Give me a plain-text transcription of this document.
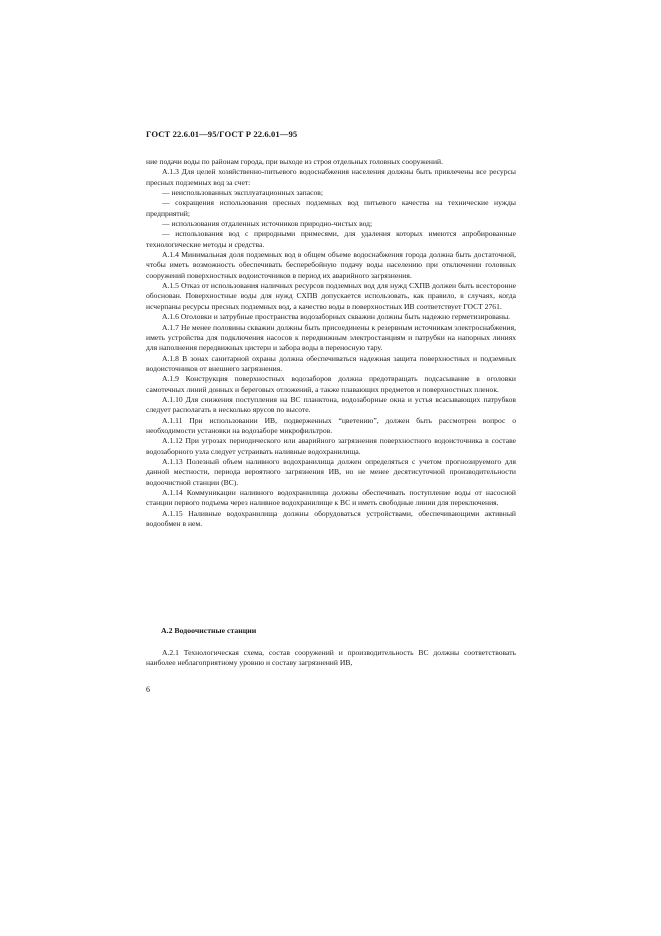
ГОСТ 22.6.01—95/ГОСТ Р 22.6.01—95

ние подачи воды по районам города, при выходе из строя отдельных головных сооружений.

А.1.3 Для целей хозяйственно-питьевого водоснабжения населения должны быть привлечены все ресурсы пресных подземных вод за счет:

— неиспользованных эксплуатационных запасов;

— сокращения использования пресных подземных вод питьевого качества на технические нужды предприятий;

— использования отдаленных источников природно-чистых вод;

— использования вод с природными примесями, для удаления которых имеются апробированные технологические методы и средства.

А.1.4 Минимальная доля подземных вод в общем объеме водоснабжения города должна быть достаточной, чтобы иметь возможность обеспечивать бесперебойную подачу воды населению при отключении головных сооружений поверхностных водоисточников в период их аварийного загрязнения.

А.1.5 Отказ от использования наличных ресурсов подземных вод для нужд СХПВ должен быть всесторонне обоснован. Поверхностные воды для нужд СХПВ допускается использовать, как правило, в случаях, когда исчерпаны ресурсы пресных подземных вод, а качество воды в поверхностных ИВ соответствует ГОСТ 2761.

А.1.6 Оголовки и затрубные пространства водозаборных скважин должны быть надежно герметизированы.

А.1.7 Не менее половины скважин должны быть присоединены к резервным источникам электроснабжения, иметь устройства для подключения насосов к передвижным электростанциям и патрубки на напорных линиях для наполнения передвижных цистерн и забора воды в переносную тару.

А.1.8 В зонах санитарной охраны должна обеспечиваться надежная защита поверхностных и подземных водоисточников от внешнего загрязнения.

А.1.9 Конструкция поверхностных водозаборов должна предотвращать подсасывание в оголовки самотечных линий донных и береговых отложений, а также плавающих предметов и поверхностных пленок.

А.1.10 Для снижения поступления на ВС планктона, водозаборные окна и устья всасывающих патрубков следует располагать в несколько ярусов по высоте.

А.1.11 При использовании ИВ, подверженных “цветению”, должен быть рассмотрен вопрос о необходимости установки на водозаборе микрофильтров.

А.1.12 При угрозах периодического или аварийного загрязнения поверхностного водоисточника в составе водозаборного узла следует устраивать наливные водохранилища.

А.1.13 Полезный объем наливного водохранилища должен определяться с учетом прогнозируемого для данной местности, периода вероятного загрязнения ИВ, но не менее десятисуточной производительности водоочистной станции (ВС).

А.1.14 Коммуникации наливного водохранилища должны обеспечивать поступление воды от насосной станции первого подъема через наливное водохранилище к ВС и иметь свободные линии для переключения.

А.1.15 Наливные водохранилища должны оборудоваться устройствами, обеспечивающими активный водообмен в нем.

А.2 Водоочистные станции

А.2.1 Технологическая схема, состав сооружений и производительность ВС должны соответствовать наиболее неблагоприятному уровню и составу загрязнений ИВ,

6
